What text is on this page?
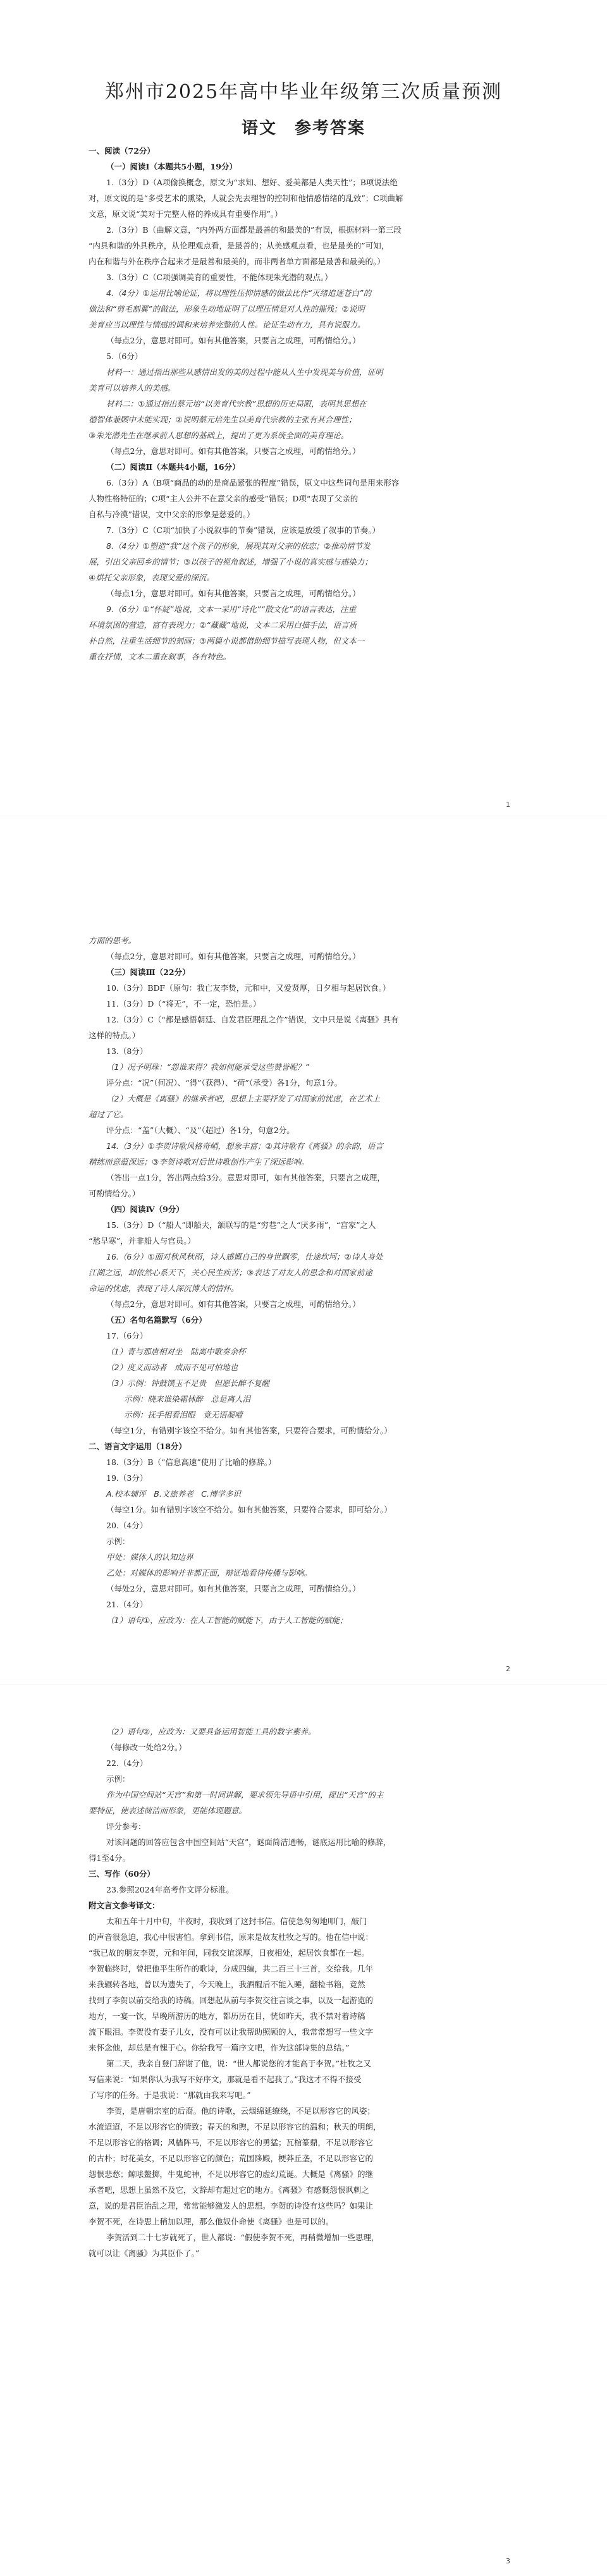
郑州市2025年高中毕业年级第三次质量预测
语文　参考答案
一、阅读（72分）
（一）阅读Ⅰ（本题共5小题，19分）
1.（3分）D（A项偷换概念，原文为“求知、想好、爱美都是人类天性”；B项说法绝
对，原文说的是“多受艺术的熏染，人就会先去理智的控制和他情感情绪的乱致”；C项曲解
文意，原文说“美对于完整人格的养成具有重要作用”。）
2.（3分）B（曲解文意，“内外两方面都是最善的和最美的”有误，根据材料一第三段
“内具和谐的外具秩序，从伦理观点看，是最善的；从美感观点看，也是最美的”可知，
内在和谐与外在秩序合起来才是最善和最美的，而非两者单方面都是最善和最美的。）
3.（3分）C（C项强调美育的重要性，不能体现朱光潜的观点。）
4.（4分）①运用比喻论证，将以理性压抑情感的做法比作“灭绪追逐苍白”的
做法和“剪毛割翼”的做法，形象生动地证明了以理压情是对人性的摧残；②说明
美育应当以理性与情感的调和来培养完整的人性。论证生动有力，具有说服力。
（每点2分，意思对即可。如有其他答案，只要言之成理，可酌情给分。）
5.（6分）
材料一：通过指出那些从感情出发的美的过程中能从人生中发现美与价值，证明
美育可以培养人的美感。
材料二：①通过指出蔡元培“以美育代宗教”思想的历史局限，表明其思想在
德智体兼顾中未能实现；②说明蔡元培先生以美育代宗教的主张有其合理性；
③朱光潜先生在继承前人思想的基础上，提出了更为系统全面的美育理论。
（每点2分，意思对即可。如有其他答案，只要言之成理，可酌情给分。）
（二）阅读Ⅱ（本题共4小题，16分）
6.（3分）A（B项“商品的动的是商品紧张的程度”错误，原文中这些词句是用来形容
人物性格特征的；C项“主人公并不在意父亲的感受”错误；D项“表现了父亲的
自私与冷漠”错误，文中父亲的形象是慈爱的。）
7.（3分）C（C项“加快了小说叙事的节奏”错误，应该是放缓了叙事的节奏。）
8.（4分）①塑造“我”这个孩子的形象，展现其对父亲的依恋；②推动情节发
展，引出父亲回乡的情节；③以孩子的视角叙述，增强了小说的真实感与感染力；
④烘托父亲形象，表现父爱的深沉。
（每点1分，意思对即可。如有其他答案，只要言之成理，可酌情给分。）
9.（6分）①“怀疑”地说，文本一采用“诗化”“散文化”的语言表达，注重
环境氛围的营造，富有表现力；②“藏藏”地说，文本二采用白描手法，语言质
朴自然，注重生活细节的刻画；③两篇小说都借助细节描写表现人物，但文本一
重在抒情，文本二重在叙事，各有特色。
1
方面的思考。
（每点2分，意思对即可。如有其他答案，只要言之成理，可酌情给分。）
（三）阅读Ⅲ（22分）
10.（3分）BDF（原句：我亡友李贽，元和中，又爱贤厚，日夕相与起居饮食。）
11.（3分）D（“将无”，不一定，恐怕是。）
12.（3分）C（“都是感悟朝廷、自发君臣理乱之作”错误，文中只是说《离骚》具有
这样的特点。）
13.（8分）
（1）况予明珠：“怨谁来得？我如何能承受这些赞誉呢？”
评分点：“况”（何况）、“得”（获得）、“荷”（承受）各1分，句意1分。
（2）大概是《离骚》的继承者吧，思想上主要抒发了对国家的忧虑，在艺术上
超过了它。
评分点：“盖”（大概）、“及”（超过）各1分，句意2分。
14.（3分）①李贺诗歌风格奇峭，想象丰富；②其诗歌有《离骚》的余韵，语言
精练而意蕴深远；③李贺诗歌对后世诗歌创作产生了深远影响。
（答出一点1分，答出两点给3分。意思对即可，如有其他答案，只要言之成理，
可酌情给分。）
（四）阅读Ⅳ（9分）
15.（3分）D（“船人”即船夫，颔联写的是“穷巷”之人“厌多雨”，“宫家”之人
“愁早寒”，并非船人与官员。）
16.（6分）①面对秋风秋雨，诗人感慨自己的身世飘零，仕途坎坷；②诗人身处
江湖之远，却依然心系天下，关心民生疾苦；③表达了对友人的思念和对国家前途
命运的忧虑，表现了诗人深沉博大的情怀。
（每点2分，意思对即可。如有其他答案，只要言之成理，可酌情给分。）
（五）名句名篇默写（6分）
17.（6分）
（1）青与那唐相对坐　陆离中歌奏余杯
（2）度义而动者　成而不见可怕地也
（3）示例：钟鼓馔玉不足贵　但愿长醉不复醒
示例：晓来谁染霜林醉　总是离人泪
示例：抚手相看泪眼　竟无语凝噎
（每空1分，有错别字该空不给分。如有其他答案，只要符合要求，可酌情给分。）
二、语言文字运用（18分）
18.（3分）B（“信息高速”使用了比喻的修辞。）
19.（3分）
A.校本辅评　B.文旅养老　C.博学多识
（每空1分。如有错别字该空不给分。如有其他答案，只要符合要求，即可给分。）
20.（4分）
示例：
甲处：媒体人的认知边界
乙处：对媒体的影响并非都正面，辩证地看待传播与影响。
（每处2分，意思对即可。如有其他答案，只要言之成理，可酌情给分。）
21.（4分）
（1）语句①，应改为：在人工智能的赋能下，由于人工智能的赋能；
2
（2）语句②，应改为：又要具备运用智能工具的数字素养。
（每修改一处给2分。）
22.（4分）
示例：
作为中国空间站“天宫”和第一时间讲解，要求领先导语中引用，提出“天宫”的主
要特征，使表述简洁而形象，更能体现题意。
评分参考：
对该问题的回答应包含中国空间站“天宫”，谜面简洁通畅，谜底运用比喻的修辞，
得1至4分。
三、写作（60分）
23.参照2024年高考作文评分标准。
附文言文参考译文：
太和五年十月中旬，半夜时，我收到了这封书信。信使急匆匆地叩门，敲门
的声音很急迫，我心中很害怕。拿到书信，原来是故友杜牧之写的。他在信中说：
“我已故的朋友李贺，元和年间，同我交谊深厚，日夜相处，起居饮食都在一起。
李贺临终时，曾把他平生所作的歌诗，分成四编，共二百三十三首，交给我。几年
来我辗转各地，曾以为遗失了，今天晚上，我酒醒后不能入睡，翻检书箱，竟然
找到了李贺以前交给我的诗稿。回想起从前与李贺交往言谈之事，以及一起游览的
地方，一宴一饮，早晚所游历的地方，都历历在目，恍如昨天，我不禁对着诗稿
流下眼泪。李贺没有妻子儿女，没有可以让我帮助照顾的人，我常常想写一些文字
来怀念他，却总是有愧于心。你给我写一篇序文吧，作为这部诗集的总结。”
第二天，我亲自登门辞谢了他，说：“世人都说您的才能高于李贺。”杜牧之又
写信来说：“如果你认为我写不好序文，那就是看不起我了。”我这才不得不接受
了写序的任务。于是我说：“那就由我来写吧。”
李贺，是唐朝宗室的后裔。他的诗歌，云烟绵延缭绕，不足以形容它的风姿；
水流迢迢，不足以形容它的情致；春天的和煦，不足以形容它的温和；秋天的明朗，
不足以形容它的格调；风樯阵马，不足以形容它的勇猛；瓦棺篆鼎，不足以形容它
的古朴；时花美女，不足以形容它的颜色；荒国陊殿，梗莽丘垄，不足以形容它的
怨恨悲愁；鲸呿鳌掷，牛鬼蛇神，不足以形容它的虚幻荒诞。大概是《离骚》的继
承者吧，思想上虽然不及它，文辞却有超过它的地方。《离骚》有感慨怨恨讽刺之
意，说的是君臣治乱之理，常常能够激发人的思想。李贺的诗没有这些吗？如果让
李贺不死，在诗思上稍加以理，那么他奴仆命使《离骚》也是可以的。
李贺活到二十七岁就死了，世人都说：“假使李贺不死，再稍微增加一些思理，
就可以让《离骚》为其臣仆了。”
3
